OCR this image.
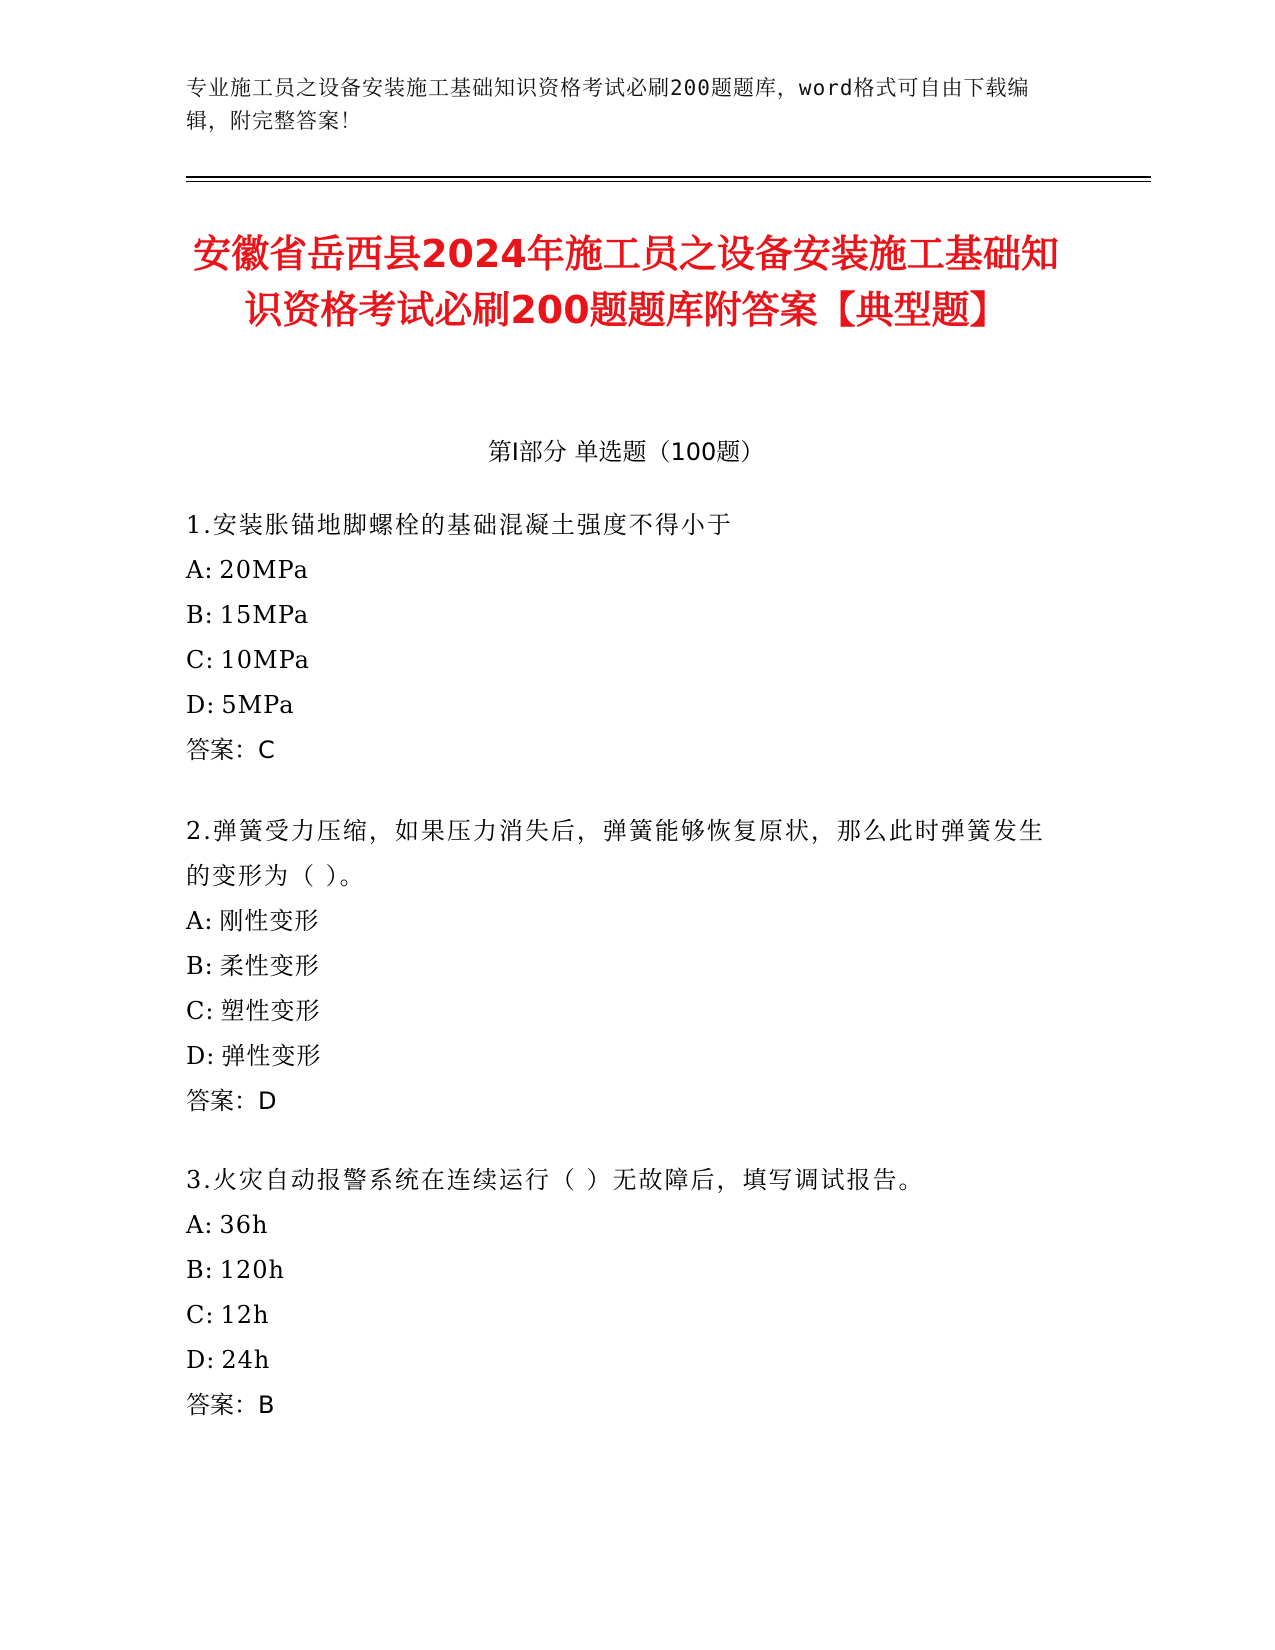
专业施工员之设备安装施工基础知识资格考试必刷200题题库，word格式可自由下载编辑，附完整答案！
安徽省岳西县2024年施工员之设备安装施工基础知识资格考试必刷200题题库附答案【典型题】
第I部分 单选题（100题）
1.安装胀锚地脚螺栓的基础混凝土强度不得小于
A: 20MPa
B: 15MPa
C: 10MPa
D: 5MPa
答案：C
2.弹簧受力压缩，如果压力消失后，弹簧能够恢复原状，那么此时弹簧发生的变形为（ ）。
A: 刚性变形
B: 柔性变形
C: 塑性变形
D: 弹性变形
答案：D
3.火灾自动报警系统在连续运行（ ）无故障后，填写调试报告。
A: 36h
B: 120h
C: 12h
D: 24h
答案：B
